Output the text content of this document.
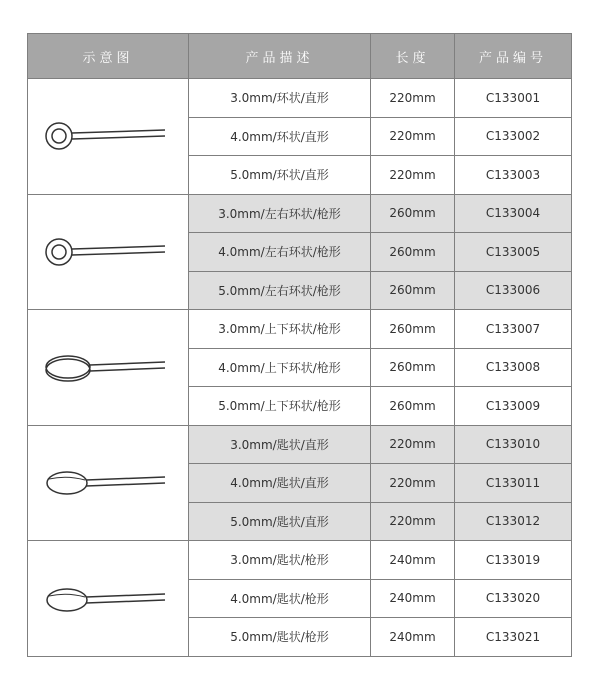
示意图	产品描述	长度	产品编号

	3.0mm/环状/直形	220mm	C133001
	4.0mm/环状/直形	220mm	C133002
	5.0mm/环状/直形	220mm	C133003

	3.0mm/左右环状/枪形	260mm	C133004
	4.0mm/左右环状/枪形	260mm	C133005
	5.0mm/左右环状/枪形	260mm	C133006

	3.0mm/上下环状/枪形	260mm	C133007
	4.0mm/上下环状/枪形	260mm	C133008
	5.0mm/上下环状/枪形	260mm	C133009

	3.0mm/匙状/直形	220mm	C133010
	4.0mm/匙状/直形	220mm	C133011
	5.0mm/匙状/直形	220mm	C133012

	3.0mm/匙状/枪形	240mm	C133019
	4.0mm/匙状/枪形	240mm	C133020
	5.0mm/匙状/枪形	240mm	C133021
